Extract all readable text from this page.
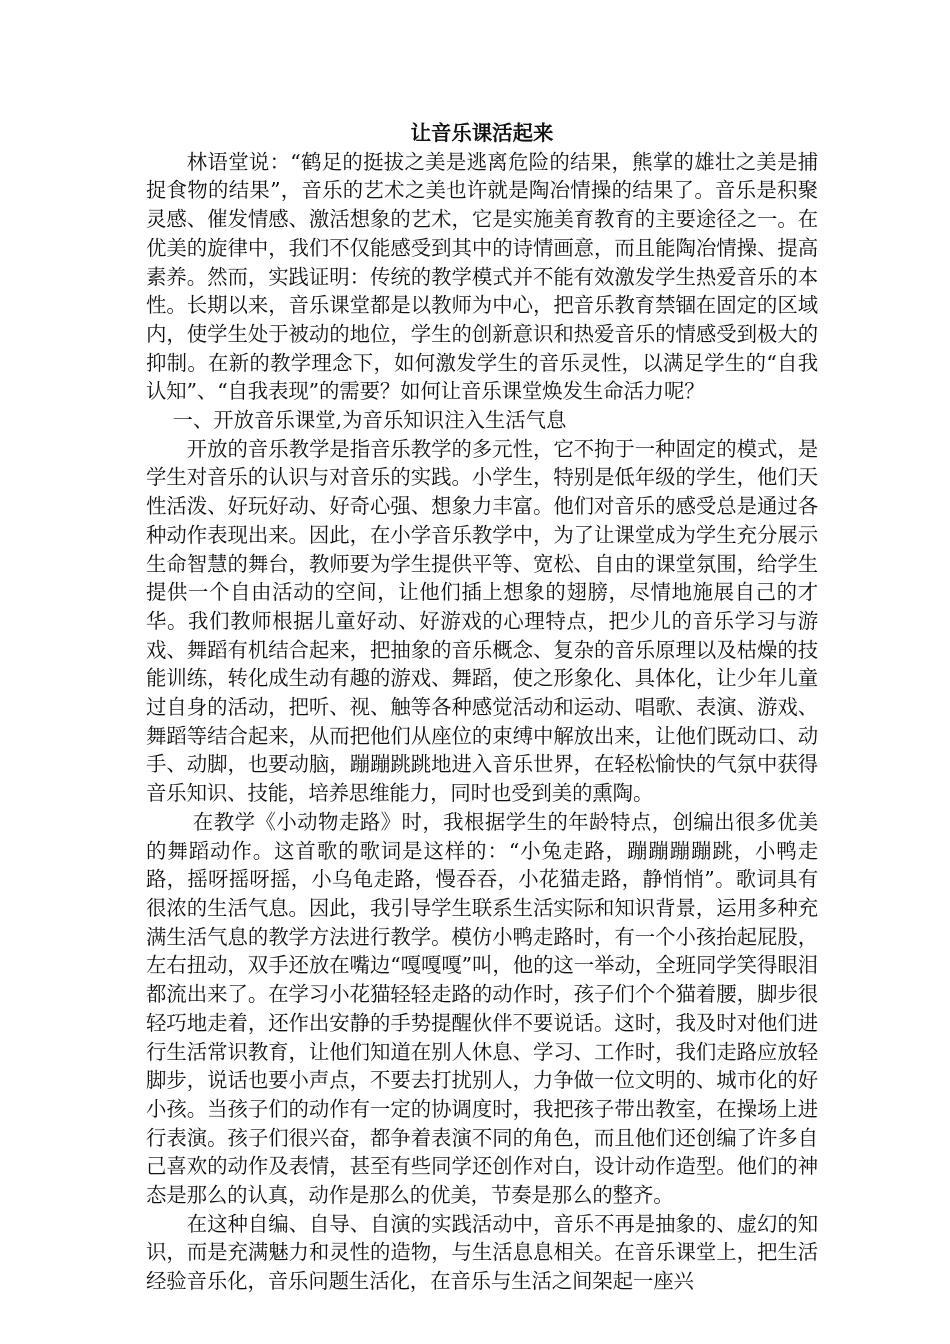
让音乐课活起来

林语堂说：“鹤足的挺拔之美是逃离危险的结果，熊掌的雄壮之美是捕捉食物的结果”，音乐的艺术之美也许就是陶冶情操的结果了。音乐是积聚灵感、催发情感、激活想象的艺术，它是实施美育教育的主要途径之一。在优美的旋律中，我们不仅能感受到其中的诗情画意，而且能陶冶情操、提高素养。然而，实践证明：传统的教学模式并不能有效激发学生热爱音乐的本性。长期以来，音乐课堂都是以教师为中心，把音乐教育禁锢在固定的区域内，使学生处于被动的地位，学生的创新意识和热爱音乐的情感受到极大的抑制。在新的教学理念下，如何激发学生的音乐灵性，以满足学生的“自我认知”、“自我表现”的需要？如何让音乐课堂焕发生命活力呢？

一、开放音乐课堂,为音乐知识注入生活气息

开放的音乐教学是指音乐教学的多元性，它不拘于一种固定的模式，是学生对音乐的认识与对音乐的实践。小学生，特别是低年级的学生，他们天性活泼、好玩好动、好奇心强、想象力丰富。他们对音乐的感受总是通过各种动作表现出来。因此，在小学音乐教学中，为了让课堂成为学生充分展示生命智慧的舞台，教师要为学生提供平等、宽松、自由的课堂氛围，给学生提供一个自由活动的空间，让他们插上想象的翅膀，尽情地施展自己的才华。我们教师根据儿童好动、好游戏的心理特点，把少儿的音乐学习与游戏、舞蹈有机结合起来，把抽象的音乐概念、复杂的音乐原理以及枯燥的技能训练，转化成生动有趣的游戏、舞蹈，使之形象化、具体化，让少年儿童过自身的活动，把听、视、触等各种感觉活动和运动、唱歌、表演、游戏、舞蹈等结合起来，从而把他们从座位的束缚中解放出来，让他们既动口、动手、动脚，也要动脑，蹦蹦跳跳地进入音乐世界，在轻松愉快的气氛中获得音乐知识、技能，培养思维能力，同时也受到美的熏陶。

在教学《小动物走路》时，我根据学生的年龄特点，创编出很多优美的舞蹈动作。这首歌的歌词是这样的：“小兔走路，蹦蹦蹦蹦跳，小鸭走路，摇呀摇呀摇，小乌龟走路，慢吞吞，小花猫走路，静悄悄”。歌词具有很浓的生活气息。因此，我引导学生联系生活实际和知识背景，运用多种充满生活气息的教学方法进行教学。模仿小鸭走路时，有一个小孩抬起屁股，左右扭动，双手还放在嘴边“嘎嘎嘎”叫，他的这一举动，全班同学笑得眼泪都流出来了。在学习小花猫轻轻走路的动作时，孩子们个个猫着腰，脚步很轻巧地走着，还作出安静的手势提醒伙伴不要说话。这时，我及时对他们进行生活常识教育，让他们知道在别人休息、学习、工作时，我们走路应放轻脚步，说话也要小声点，不要去打扰别人，力争做一位文明的、城市化的好小孩。当孩子们的动作有一定的协调度时，我把孩子带出教室，在操场上进行表演。孩子们很兴奋，都争着表演不同的角色，而且他们还创编了许多自己喜欢的动作及表情，甚至有些同学还创作对白，设计动作造型。他们的神态是那么的认真，动作是那么的优美，节奏是那么的整齐。

在这种自编、自导、自演的实践活动中，音乐不再是抽象的、虚幻的知识，而是充满魅力和灵性的造物，与生活息息相关。在音乐课堂上，把生活经验音乐化，音乐问题生活化，在音乐与生活之间架起一座兴
